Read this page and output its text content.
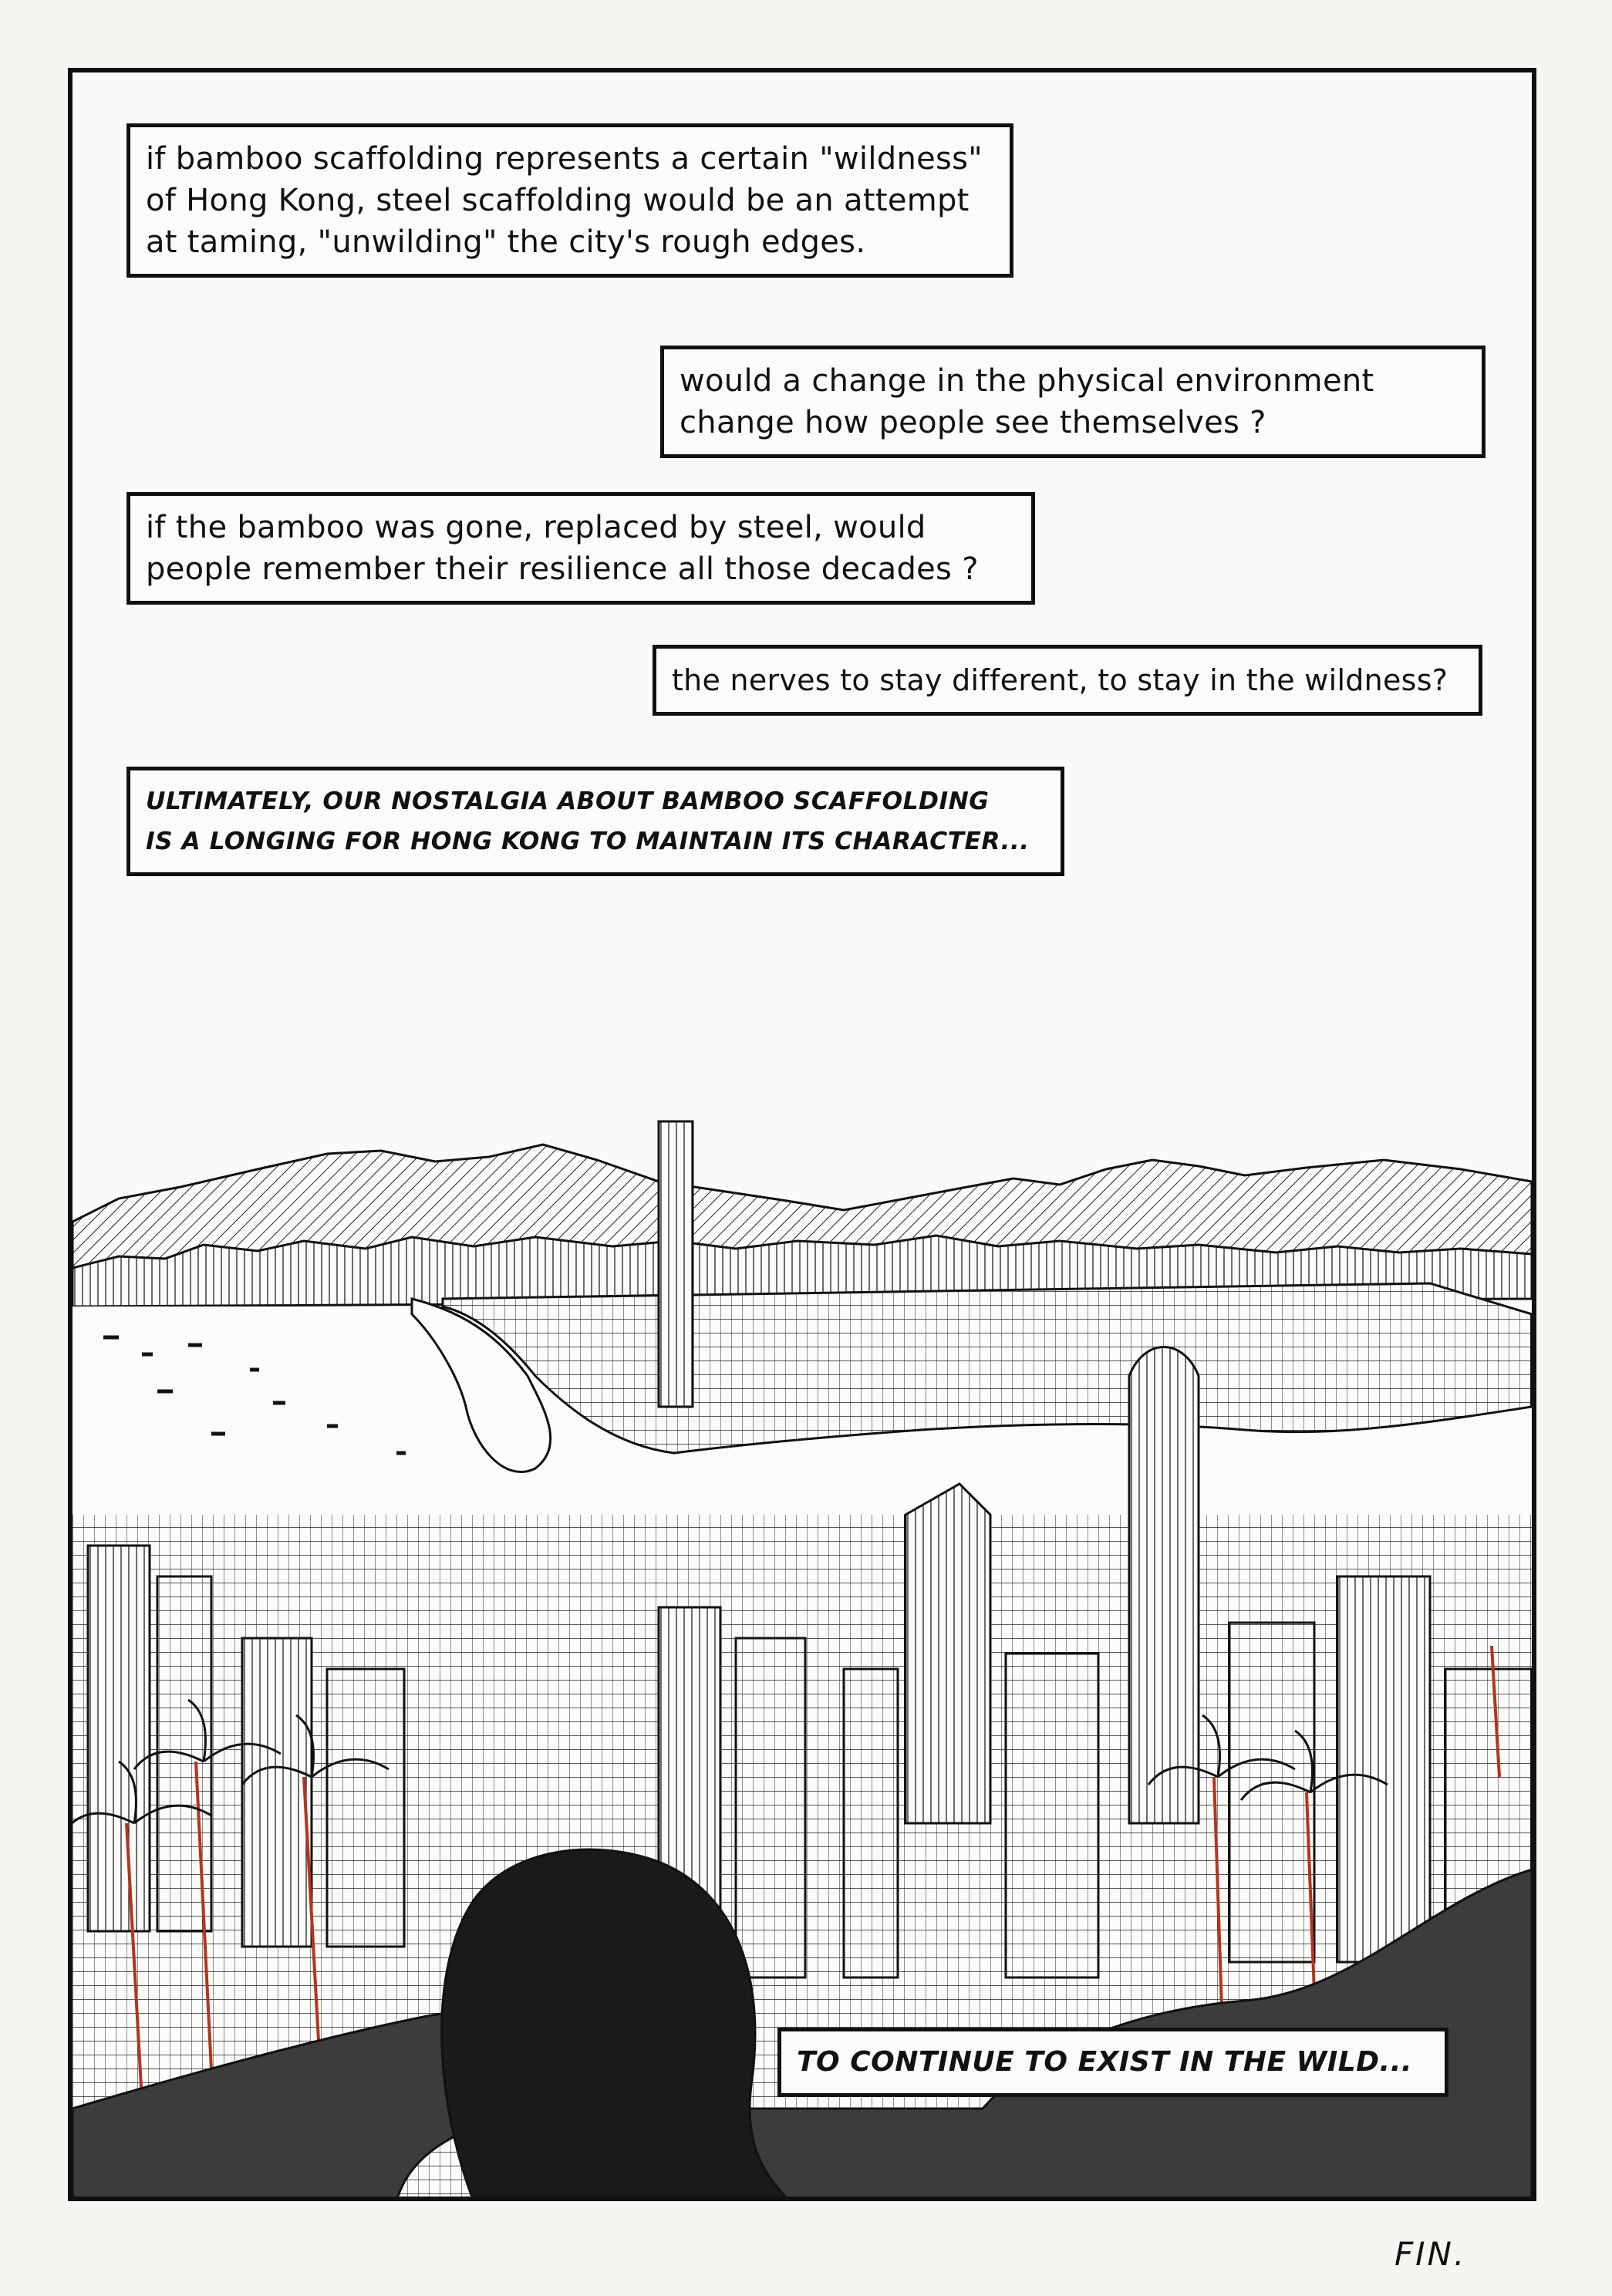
if bamboo scaffolding represents a certain "wildness"
of Hong Kong, steel scaffolding would be an attempt
at taming, "unwilding" the city's rough edges.
would a change in the physical environment
change how people see themselves ?
if the bamboo was gone, replaced by steel, would
people remember their resilience all those decades ?
the nerves to stay different, to stay in the wildness?
ULTIMATELY, OUR NOSTALGIA ABOUT BAMBOO SCAFFOLDING
IS A LONGING FOR HONG KONG TO MAINTAIN ITS CHARACTER...
TO CONTINUE TO EXIST IN THE WILD...
FIN.
